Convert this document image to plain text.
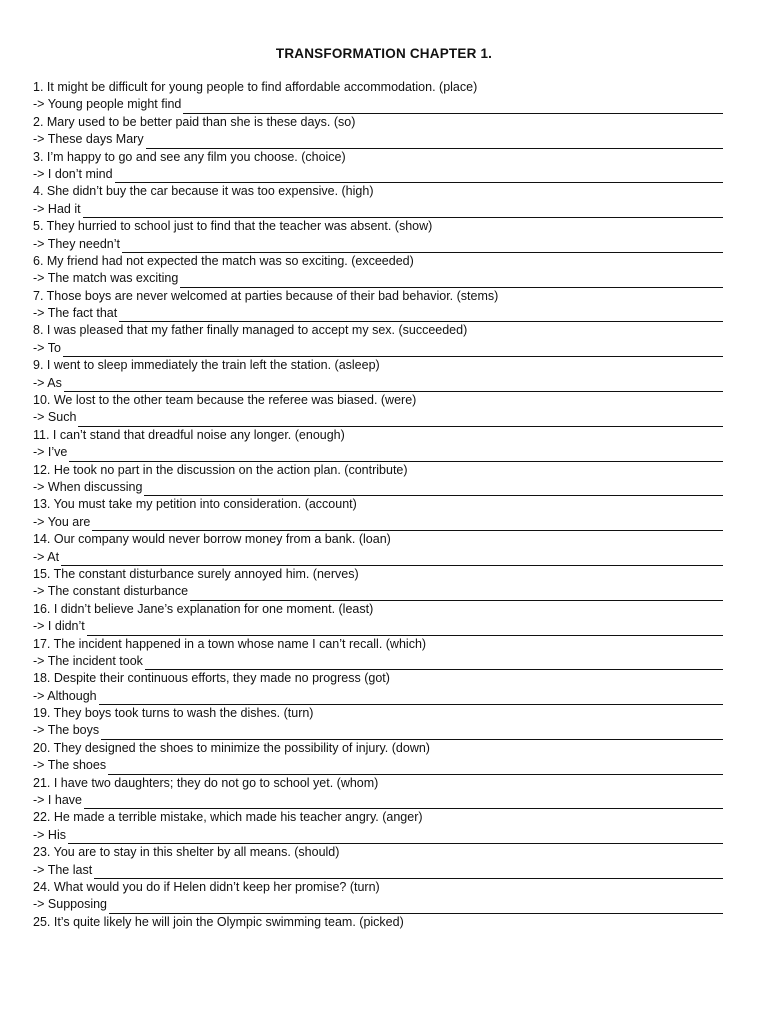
TRANSFORMATION CHAPTER 1.
1. It might be difficult for young people to find affordable accommodation. (place)
-> Young people might find
2. Mary used to be better paid than she is these days. (so)
-> These days Mary
3. I’m happy to go and see any film you choose. (choice)
-> I don’t mind
4. She didn’t buy the car because it was too expensive. (high)
-> Had it
5. They hurried to school just to find that the teacher was absent. (show)
-> They needn’t
6. My friend had not expected the match was so exciting. (exceeded)
-> The match was exciting
7. Those boys are never welcomed at parties because of their bad behavior. (stems)
-> The fact that
8. I was pleased that my father finally managed to accept my sex. (succeeded)
-> To
9. I went to sleep immediately the train left the station. (asleep)
-> As
10. We lost to the other team because the referee was biased. (were)
-> Such
11. I can’t stand that dreadful noise any longer. (enough)
-> I’ve
12. He took no part in the discussion on the action plan. (contribute)
-> When discussing
13. You must take my petition into consideration. (account)
-> You are
14. Our company would never borrow money from a bank. (loan)
-> At
15. The constant disturbance surely annoyed him. (nerves)
-> The constant disturbance
16. I didn’t believe Jane’s explanation for one moment. (least)
-> I didn’t
17. The incident happened in a town whose name I can’t recall. (which)
-> The incident took
18. Despite their continuous efforts, they made no progress (got)
-> Although
19. They boys took turns to wash the dishes. (turn)
-> The boys
20. They designed the shoes to minimize the possibility of injury. (down)
-> The shoes
21. I have two daughters; they do not go to school yet. (whom)
-> I have
22. He made a terrible mistake, which made his teacher angry. (anger)
-> His
23. You are to stay in this shelter by all means. (should)
-> The last
24. What would you do if Helen didn’t keep her promise? (turn)
-> Supposing
25. It’s quite likely he will join the Olympic swimming team. (picked)
